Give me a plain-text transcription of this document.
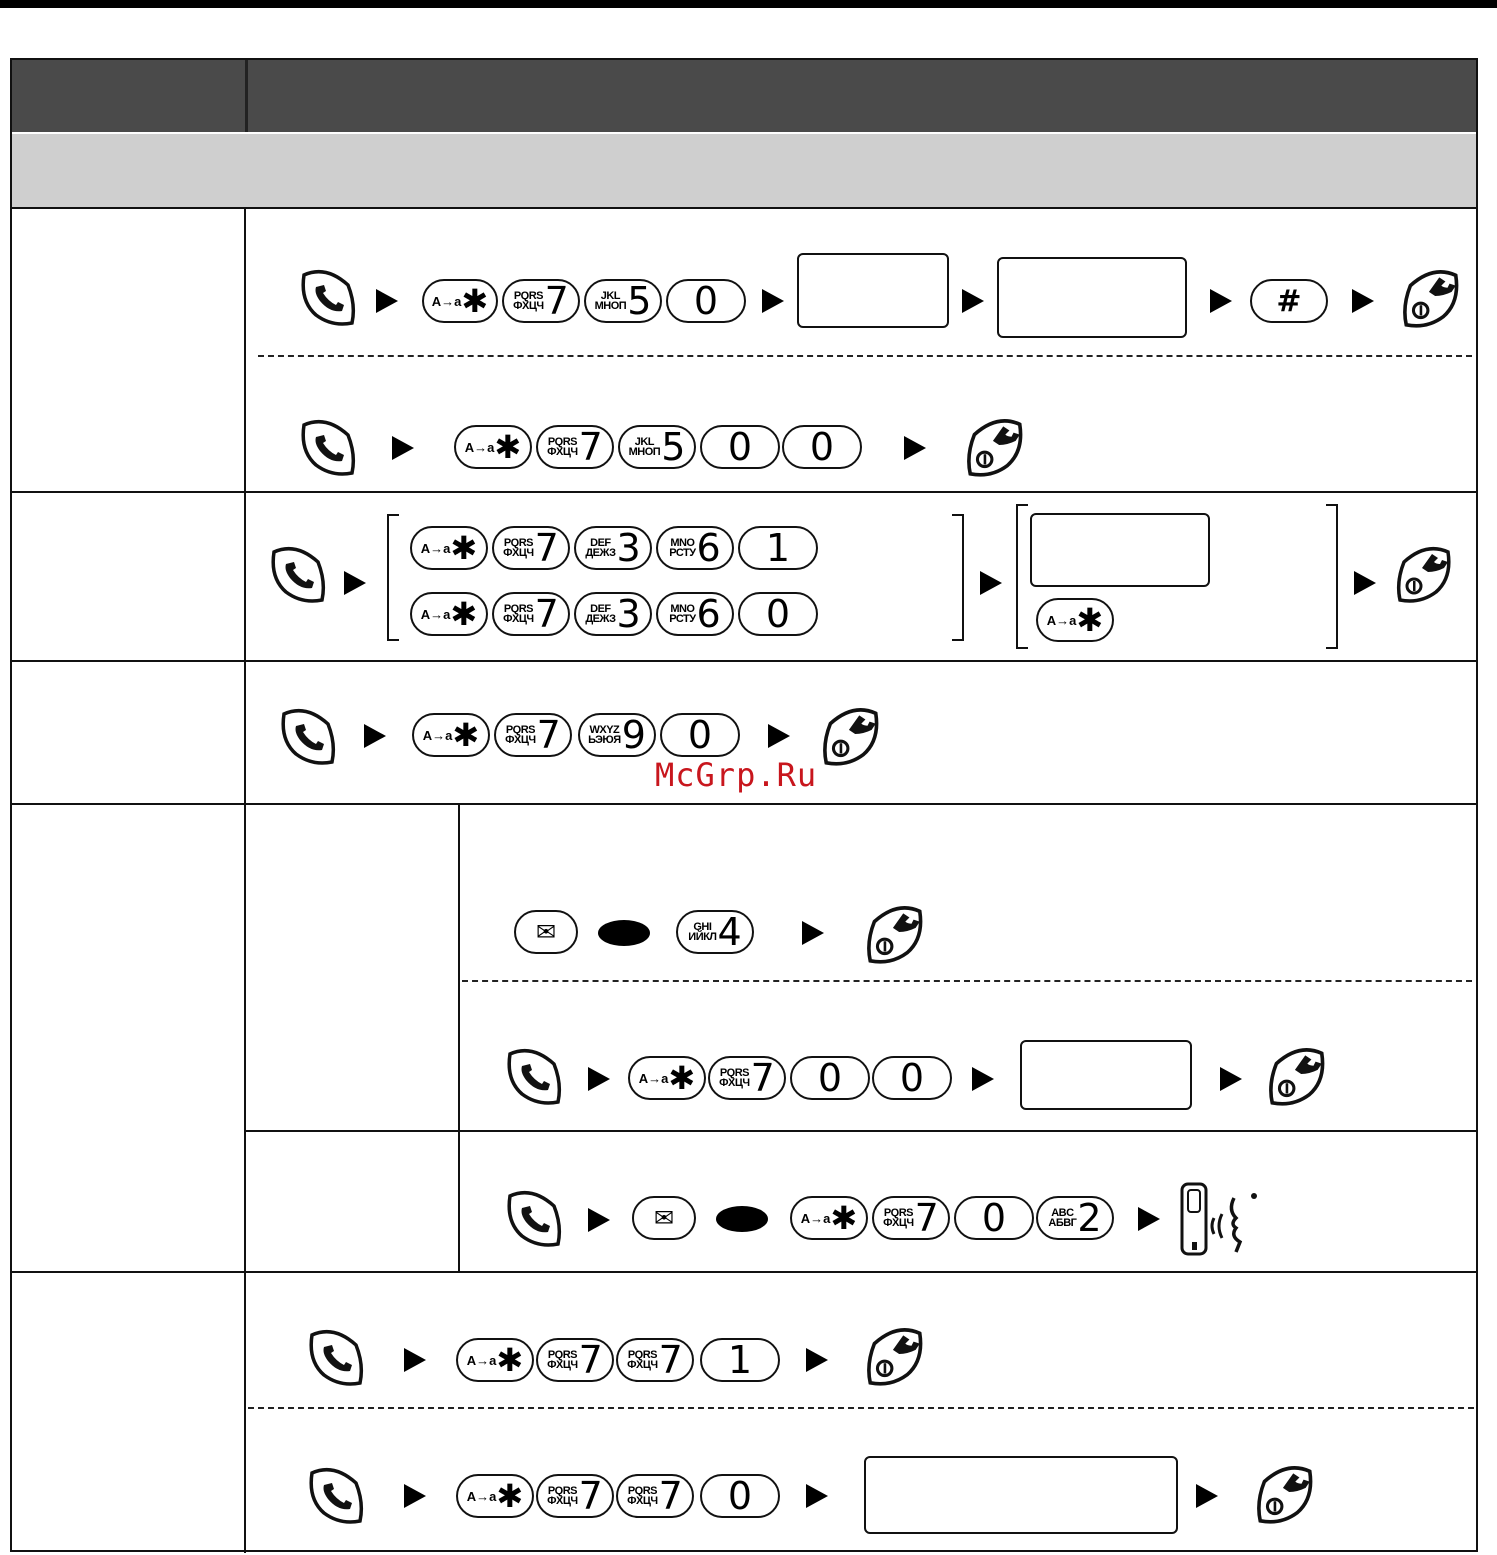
A→a ✱ PQRS
ФХЦЧ 7	JKL
МНОП 5 0	#
A→a ✱ PQRS
ФХЦЧ 7	JKL
МНОП 5 0 0
A→a ✱ PQRS
ФХЦЧ 7	DEF
ДЕЖЗ 3	MNO
РСТУ 6 1
A→a ✱ PQRS
ФХЦЧ 7	DEF
ДЕЖЗ 3	MNO
РСТУ 6 0	A→a ✱
A→a ✱ PQRS
ФХЦЧ 7	WXYZ
ЬЭЮЯ 9 0
McGrp.Ru
✉	GHI
ИЙКЛ 4
A→a ✱ PQRS
ФХЦЧ 7 0 0
✉	A→a ✱ PQRS
ФХЦЧ 7 0	ABC
АБВГ 2
A→a ✱ PQRS
ФХЦЧ 7 PQRS
ФХЦЧ 7 1
A→a ✱ PQRS
ФХЦЧ 7 PQRS
ФХЦЧ 7 0
